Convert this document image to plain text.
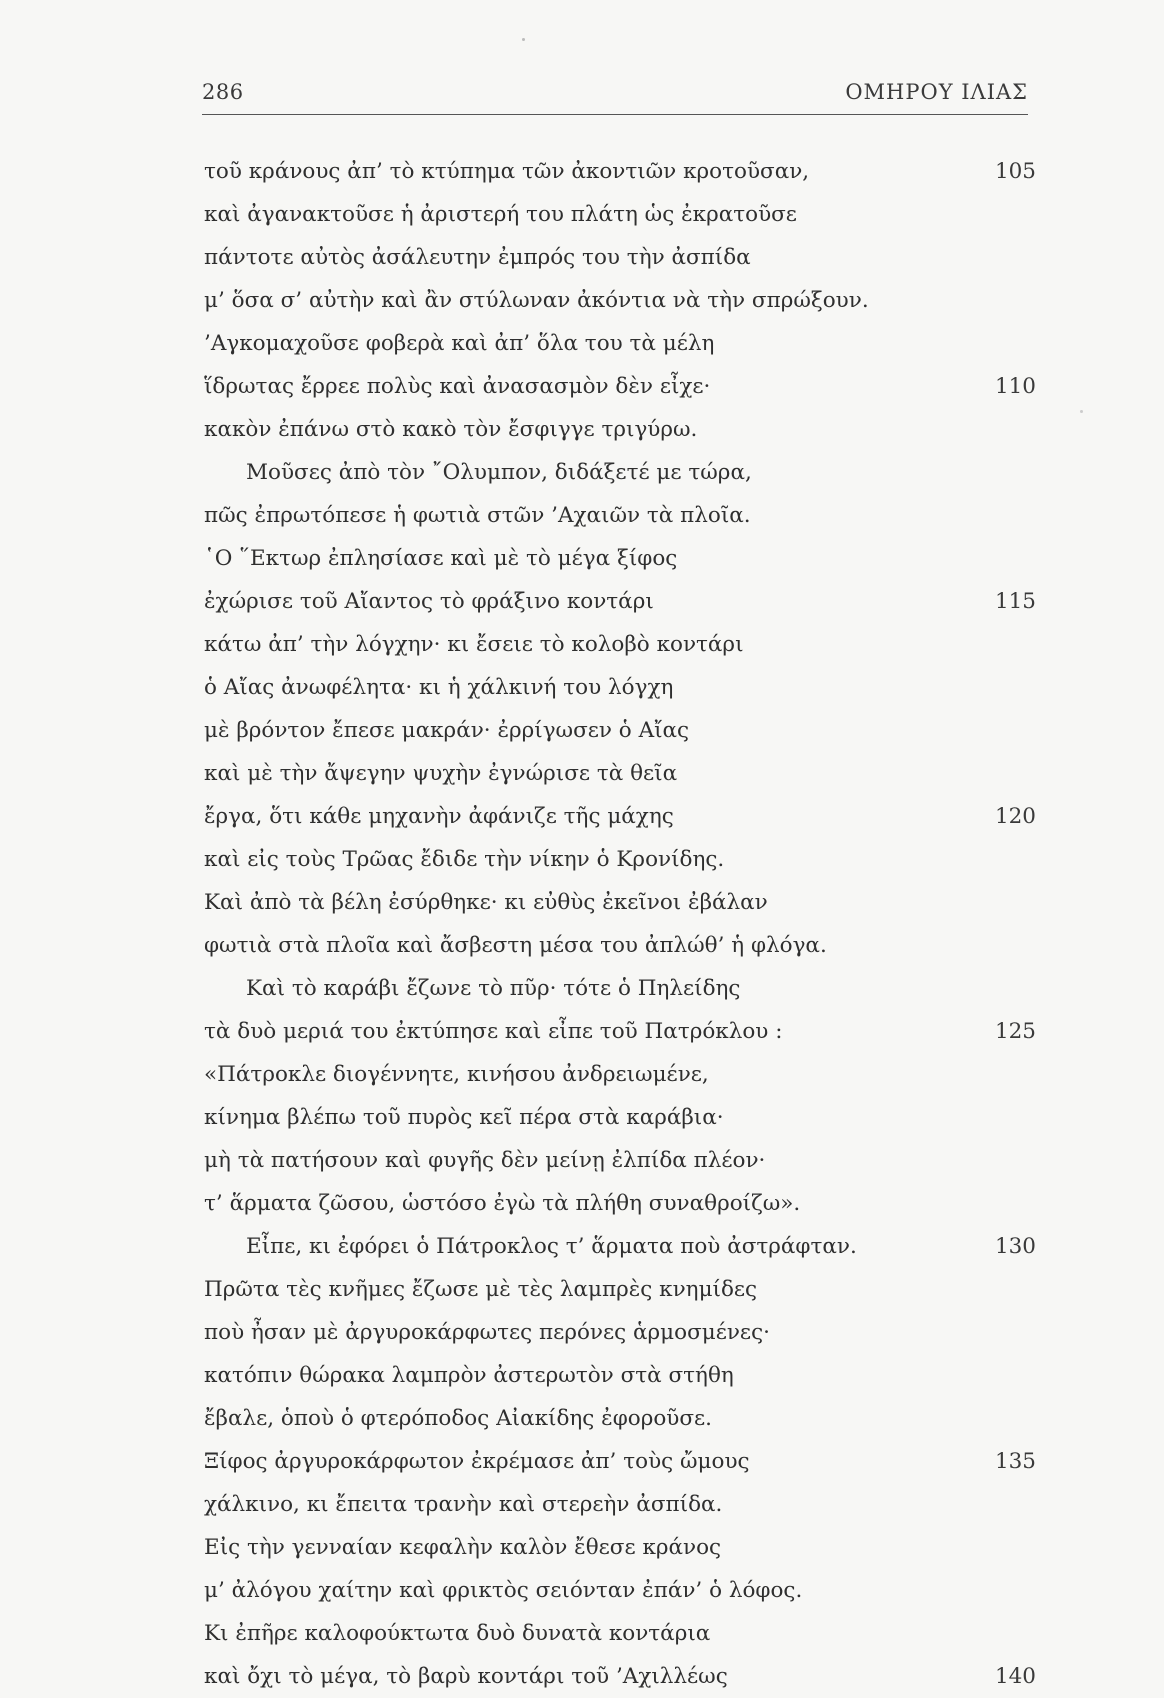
286	ΟΜΗΡΟΥ ΙΛΙΑΣ
τοῦ κράνους ἀπ’ τὸ κτύπημα τῶν ἀκοντιῶν κροτοῦσαν,	105
καὶ ἀγανακτοῦσε ἡ ἀριστερή του πλάτη ὡς ἐκρατοῦσε
πάντοτε αὐτὸς ἀσάλευτην ἐμπρός του τὴν ἀσπίδα
μ’ ὅσα σ’ αὐτὴν καὶ ἂν στύλωναν ἀκόντια νὰ τὴν σπρώξουν.
’Αγκομαχοῦσε φοβερὰ καὶ ἀπ’ ὅλα του τὰ μέλη
ἵδρωτας ἔρρεε πολὺς καὶ ἀνασασμὸν δὲν εἶχε·	110
κακὸν ἐπάνω στὸ κακὸ τὸν ἔσφιγγε τριγύρω.
Μοῦσες ἀπὸ τὸν ῎Ολυμπον, διδάξετέ με τώρα,
πῶς ἐπρωτόπεσε ἡ φωτιὰ στῶν ’Αχαιῶν τὰ πλοῖα.
῾Ο ῞Εκτωρ ἐπλησίασε καὶ μὲ τὸ μέγα ξίφος
ἐχώρισε τοῦ Αἴαντος τὸ φράξινο κοντάρι	115
κάτω ἀπ’ τὴν λόγχην· κι ἔσειε τὸ κολοβὸ κοντάρι
ὁ Αἴας ἀνωφέλητα· κι ἡ χάλκινή του λόγχη
μὲ βρόντον ἔπεσε μακράν· ἐρρίγωσεν ὁ Αἴας
καὶ μὲ τὴν ἄψεγην ψυχὴν ἐγνώρισε τὰ θεῖα
ἔργα, ὅτι κάθε μηχανὴν ἀφάνιζε τῆς μάχης	120
καὶ εἰς τοὺς Τρῶας ἔδιδε τὴν νίκην ὁ Κρονίδης.
Καὶ ἀπὸ τὰ βέλη ἐσύρθηκε· κι εὐθὺς ἐκεῖνοι ἐβάλαν
φωτιὰ στὰ πλοῖα καὶ ἄσβεστη μέσα του ἀπλώθ’ ἡ φλόγα.
Καὶ τὸ καράβι ἔζωνε τὸ πῦρ· τότε ὁ Πηλείδης
τὰ δυὸ μεριά του ἐκτύπησε καὶ εἶπε τοῦ Πατρόκλου :	125
«Πάτροκλε διογέννητε, κινήσου ἀνδρειωμένε,
κίνημα βλέπω τοῦ πυρὸς κεῖ πέρα στὰ καράβια·
μὴ τὰ πατήσουν καὶ φυγῆς δὲν μείνῃ ἐλπίδα πλέον·
τ’ ἅρματα ζῶσου, ὡστόσο ἐγὼ τὰ πλήθη συναθροίζω».
Εἶπε, κι ἐφόρει ὁ Πάτροκλος τ’ ἅρματα ποὺ ἀστράφταν.	130
Πρῶτα τὲς κνῆμες ἔζωσε μὲ τὲς λαμπρὲς κνημίδες
ποὺ ἦσαν μὲ ἀργυροκάρφωτες περόνες ἁρμοσμένες·
κατόπιν θώρακα λαμπρὸν ἀστερωτὸν στὰ στήθη
ἔβαλε, ὁποὺ ὁ φτερόποδος Αἰακίδης ἐφοροῦσε.
Ξίφος ἀργυροκάρφωτον ἐκρέμασε ἀπ’ τοὺς ὤμους	135
χάλκινο, κι ἔπειτα τρανὴν καὶ στερεὴν ἀσπίδα.
Εἰς τὴν γενναίαν κεφαλὴν καλὸν ἔθεσε κράνος
μ’ ἀλόγου χαίτην καὶ φρικτὸς σειόνταν ἐπάν’ ὁ λόφος.
Κι ἐπῆρε καλοφούκτωτα δυὸ δυνατὰ κοντάρια
καὶ ὄχι τὸ μέγα, τὸ βαρὺ κοντάρι τοῦ ’Αχιλλέως	140
